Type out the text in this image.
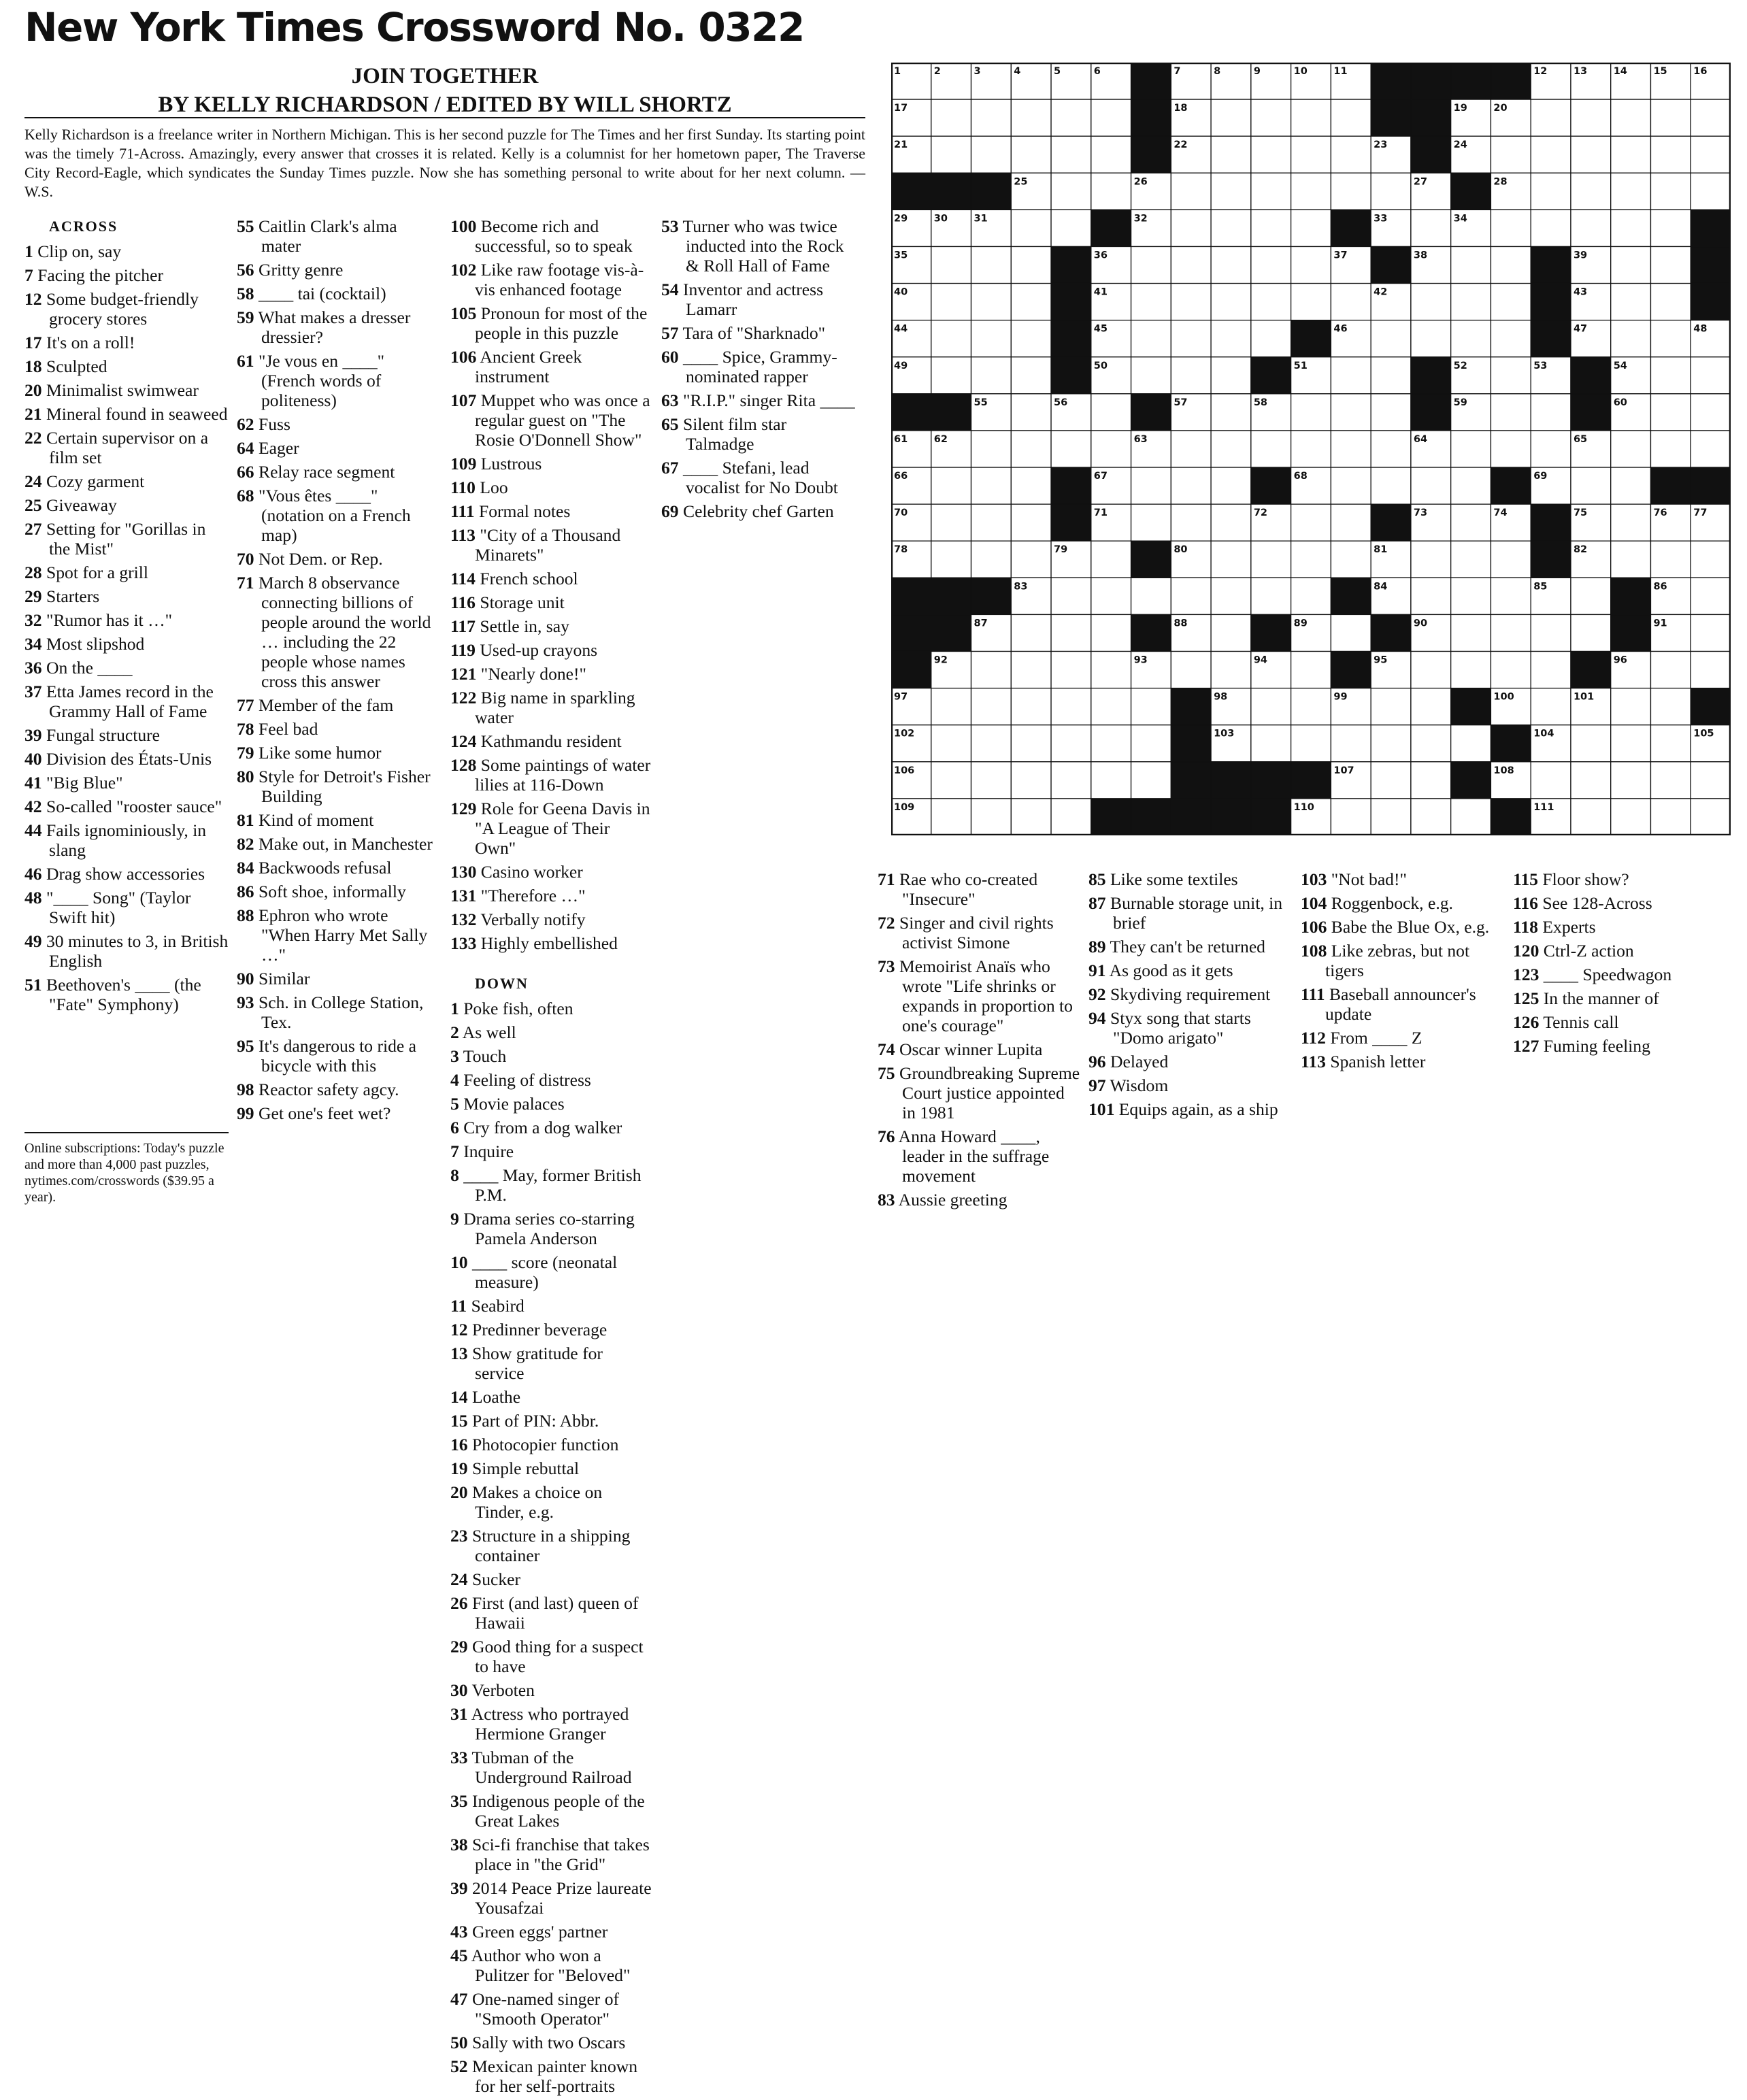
New York Times Crossword No. 0322
JOIN TOGETHER
BY KELLY RICHARDSON / EDITED BY WILL SHORTZ
Kelly Richardson is a freelance writer in Northern Michigan. This is her second puzzle for The Times and her first Sunday. Its starting point was the timely 71-Across. Amazingly, every answer that crosses it is related. Kelly is a columnist for her hometown paper, The Traverse City Record-Eagle, which syndicates the Sunday Times puzzle. Now she has something personal to write about for her next column. — W.S.
ACROSS
1 Clip on, say
7 Facing the pitcher
12 Some budget-friendly grocery stores
17 It's on a roll!
18 Sculpted
20 Minimalist swimwear
21 Mineral found in seaweed
22 Certain supervisor on a film set
24 Cozy garment
25 Giveaway
27 Setting for "Gorillas in the Mist"
28 Spot for a grill
29 Starters
32 "Rumor has it …"
34 Most slipshod
36 On the ____
37 Etta James record in the Grammy Hall of Fame
39 Fungal structure
40 Division des États-Unis
41 "Big Blue"
42 So-called "rooster sauce"
44 Fails ignominiously, in slang
46 Drag show accessories
48 "____ Song" (Taylor Swift hit)
49 30 minutes to 3, in British English
51 Beethoven's ____ (the "Fate" Symphony)
55 Caitlin Clark's alma mater
56 Gritty genre
58 ____ tai (cocktail)
59 What makes a dresser dressier?
61 "Je vous en ____" (French words of politeness)
62 Fuss
64 Eager
66 Relay race segment
68 "Vous êtes ____" (notation on a French map)
70 Not Dem. or Rep.
71 March 8 observance connecting billions of people around the world … including the 22 people whose names cross this answer
77 Member of the fam
78 Feel bad
79 Like some humor
80 Style for Detroit's Fisher Building
81 Kind of moment
82 Make out, in Manchester
84 Backwoods refusal
86 Soft shoe, informally
88 Ephron who wrote "When Harry Met Sally …"
90 Similar
93 Sch. in College Station, Tex.
95 It's dangerous to ride a bicycle with this
98 Reactor safety agcy.
99 Get one's feet wet?
100 Become rich and successful, so to speak
102 Like raw footage vis-à-vis enhanced footage
105 Pronoun for most of the people in this puzzle
106 Ancient Greek instrument
107 Muppet who was once a regular guest on "The Rosie O'Donnell Show"
109 Lustrous
110 Loo
111 Formal notes
113 "City of a Thousand Minarets"
114 French school
116 Storage unit
117 Settle in, say
119 Used-up crayons
121 "Nearly done!"
122 Big name in sparkling water
124 Kathmandu resident
128 Some paintings of water lilies at 116-Down
129 Role for Geena Davis in "A League of Their Own"
130 Casino worker
131 "Therefore …"
132 Verbally notify
133 Highly embellished
DOWN
1 Poke fish, often
2 As well
3 Touch
4 Feeling of distress
5 Movie palaces
6 Cry from a dog walker
7 Inquire
8 ____ May, former British P.M.
9 Drama series co-starring Pamela Anderson
10 ____ score (neonatal measure)
11 Seabird
12 Predinner beverage
13 Show gratitude for service
14 Loathe
15 Part of PIN: Abbr.
16 Photocopier function
19 Simple rebuttal
20 Makes a choice on Tinder, e.g.
23 Structure in a shipping container
24 Sucker
26 First (and last) queen of Hawaii
29 Good thing for a suspect to have
30 Verboten
31 Actress who portrayed Hermione Granger
33 Tubman of the Underground Railroad
35 Indigenous people of the Great Lakes
38 Sci-fi franchise that takes place in "the Grid"
39 2014 Peace Prize laureate Yousafzai
43 Green eggs' partner
45 Author who won a Pulitzer for "Beloved"
47 One-named singer of "Smooth Operator"
50 Sally with two Oscars
52 Mexican painter known for her self-portraits
53 Turner who was twice inducted into the Rock & Roll Hall of Fame
54 Inventor and actress Lamarr
57 Tara of "Sharknado"
60 ____ Spice, Grammy-nominated rapper
63 "R.I.P." singer Rita ____
65 Silent film star Talmadge
67 ____ Stefani, lead vocalist for No Doubt
69 Celebrity chef Garten
71 Rae who co-created "Insecure"
72 Singer and civil rights activist Simone
73 Memoirist Anaïs who wrote "Life shrinks or expands in proportion to one's courage"
74 Oscar winner Lupita
75 Groundbreaking Supreme Court justice appointed in 1981
76 Anna Howard ____, leader in the suffrage movement
83 Aussie greeting
85 Like some textiles
87 Burnable storage unit, in brief
89 They can't be returned
91 As good as it gets
92 Skydiving requirement
94 Styx song that starts "Domo arigato"
96 Delayed
97 Wisdom
101 Equips again, as a ship
103 "Not bad!"
104 Roggenbock, e.g.
106 Babe the Blue Ox, e.g.
108 Like zebras, but not tigers
111 Baseball announcer's update
112 From ____ Z
113 Spanish letter
115 Floor show?
116 See 128-Across
118 Experts
120 Ctrl-Z action
123 ____ Speedwagon
125 In the manner of
126 Tennis call
127 Fuming feeling
Online subscriptions: Today's puzzle and more than 4,000 past puzzles, nytimes.com/crosswords ($39.95 a year).
1	2	3	4	5	6	7	8	9	10	11	12	13	14	15	16
17	18	19	20
21	22	23	24
25	26	27	28
29	30	31	32	33	34
35	36	37	38	39
40	41	42	43
44	45	46	47	48
49	50	51	52	53	54
55	56	57	58	59	60
61	62	63	64	65
66	67	68	69
70	71	72	73	74	75	76	77
78	79	80	81	82
83	84	85	86
87	88	89	90	91
92	93	94	95	96
97	98	99	100	101
102	103	104	105
106	107	108
109	110	111
